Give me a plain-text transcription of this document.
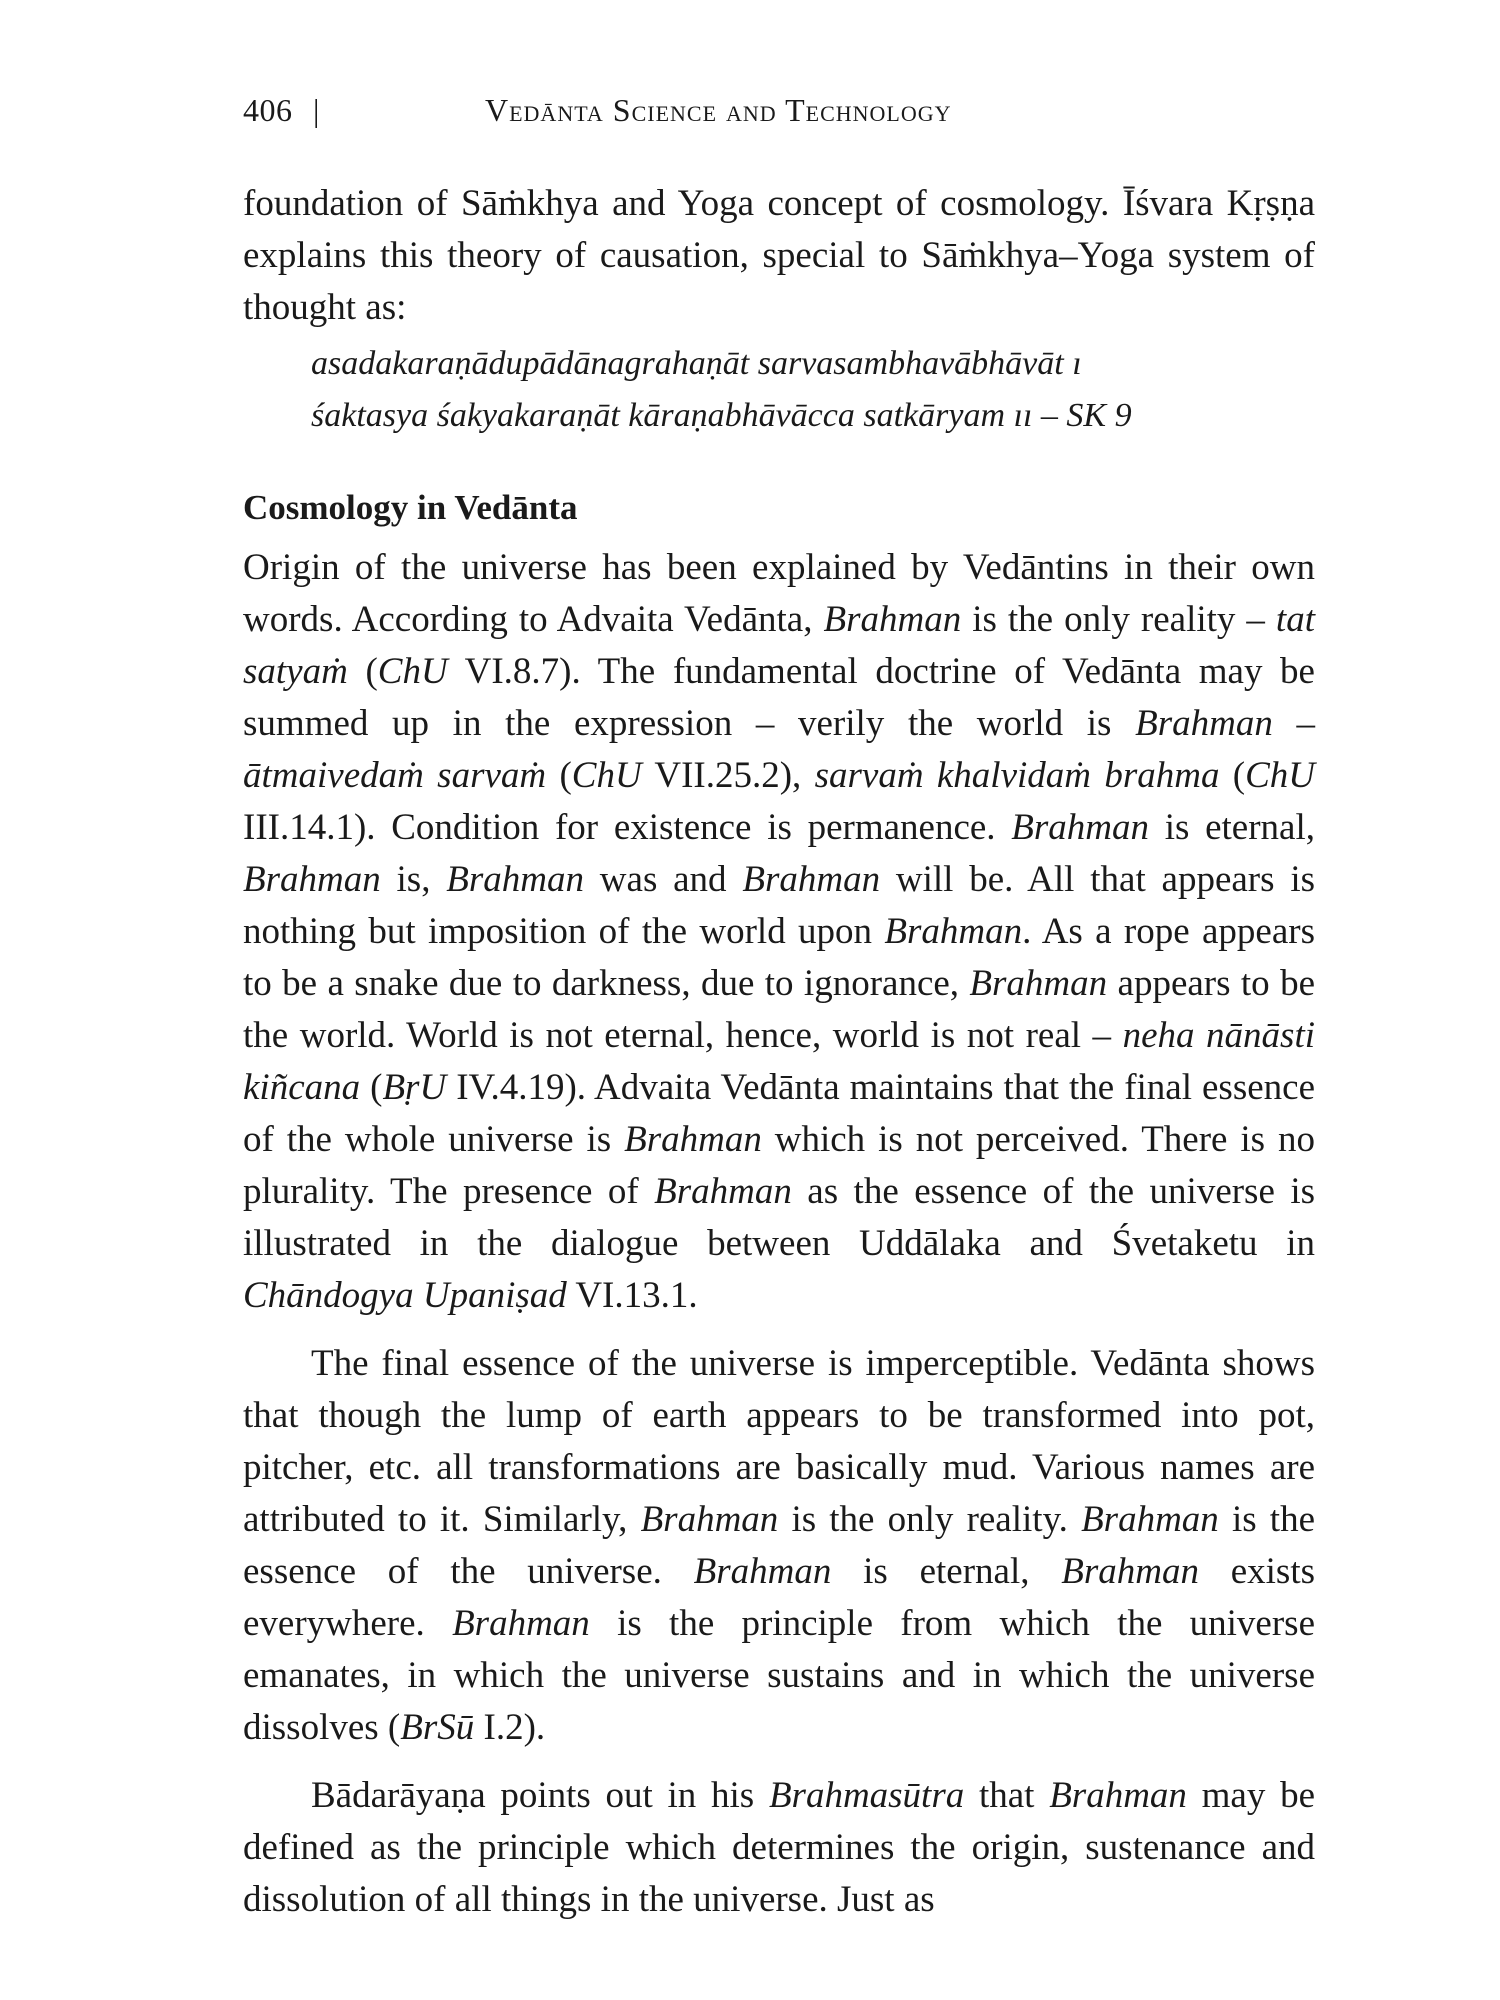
406 |	Vedānta Science and Technology

foundation of Sāṁkhya and Yoga concept of cosmology. Īśvara Kṛṣṇa explains this theory of causation, special to Sāṁkhya–Yoga system of thought as:

asadakaraṇādupādānagrahaṇāt sarvasambhavābhāvāt ı
śaktasya śakyakaraṇāt kāraṇabhāvācca satkāryam ıı – SK 9
Cosmology in Vedānta

Origin of the universe has been explained by Vedāntins in their own words. According to Advaita Vedānta, Brahman is the only reality – tat satyaṁ (ChU VI.8.7). The fundamental doctrine of Vedānta may be summed up in the expression – verily the world is Brahman – ātmaivedaṁ sarvaṁ (ChU VII.25.2), sarvaṁ khalvidaṁ brahma (ChU III.14.1). Condition for existence is permanence. Brahman is eternal, Brahman is, Brahman was and Brahman will be. All that appears is nothing but imposition of the world upon Brahman. As a rope appears to be a snake due to darkness, due to ignorance, Brahman appears to be the world. World is not eternal, hence, world is not real – neha nānāsti kiñcana (BṛU IV.4.19). Advaita Vedānta maintains that the final essence of the whole universe is Brahman which is not perceived. There is no plurality. The presence of Brahman as the essence of the universe is illustrated in the dialogue between Uddālaka and Śvetaketu in Chāndogya Upaniṣad VI.13.1.

The final essence of the universe is imperceptible. Vedānta shows that though the lump of earth appears to be transformed into pot, pitcher, etc. all transformations are basically mud. Various names are attributed to it. Similarly, Brahman is the only reality. Brahman is the essence of the universe. Brahman is eternal, Brahman exists everywhere. Brahman is the principle from which the universe emanates, in which the universe sustains and in which the universe dissolves (BrSū I.2).

Bādarāyaṇa points out in his Brahmasūtra that Brahman may be defined as the principle which determines the origin, sustenance and dissolution of all things in the universe. Just as
